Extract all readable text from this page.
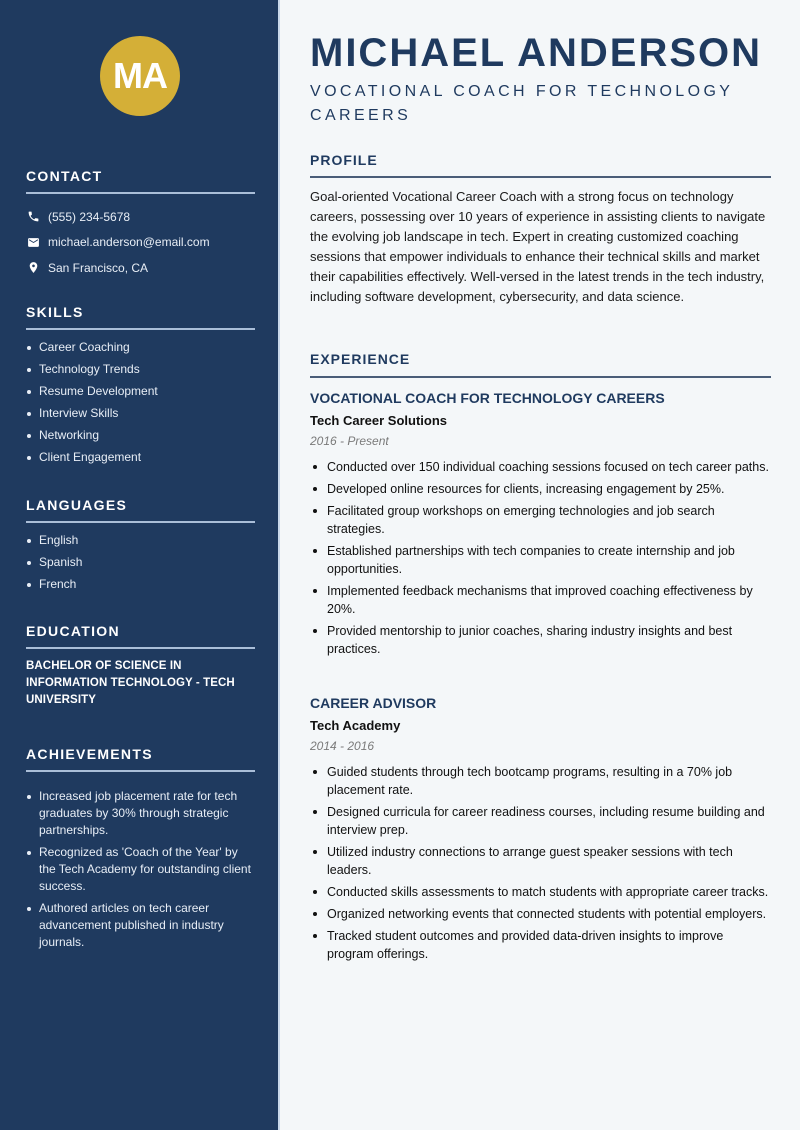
MA
CONTACT
(555) 234-5678
michael.anderson@email.com
San Francisco, CA
SKILLS
Career Coaching
Technology Trends
Resume Development
Interview Skills
Networking
Client Engagement
LANGUAGES
English
Spanish
French
EDUCATION

BACHELOR OF SCIENCE IN INFORMATION TECHNOLOGY - TECH UNIVERSITY

ACHIEVEMENTS
Increased job placement rate for tech graduates by 30% through strategic partnerships.
Recognized as 'Coach of the Year' by the Tech Academy for outstanding client success.
Authored articles on tech career advancement published in industry journals.
MICHAEL ANDERSON
VOCATIONAL COACH FOR TECHNOLOGY CAREERS
PROFILE

Goal-oriented Vocational Career Coach with a strong focus on technology careers, possessing over 10 years of experience in assisting clients to navigate the evolving job landscape in tech. Expert in creating customized coaching sessions that empower individuals to enhance their technical skills and market their capabilities effectively. Well-versed in the latest trends in the tech industry, including software development, cybersecurity, and data science.

EXPERIENCE
VOCATIONAL COACH FOR TECHNOLOGY CAREERS
Tech Career Solutions
2016 - Present
Conducted over 150 individual coaching sessions focused on tech career paths.
Developed online resources for clients, increasing engagement by 25%.
Facilitated group workshops on emerging technologies and job search strategies.
Established partnerships with tech companies to create internship and job opportunities.
Implemented feedback mechanisms that improved coaching effectiveness by 20%.
Provided mentorship to junior coaches, sharing industry insights and best practices.
CAREER ADVISOR
Tech Academy
2014 - 2016
Guided students through tech bootcamp programs, resulting in a 70% job placement rate.
Designed curricula for career readiness courses, including resume building and interview prep.
Utilized industry connections to arrange guest speaker sessions with tech leaders.
Conducted skills assessments to match students with appropriate career tracks.
Organized networking events that connected students with potential employers.
Tracked student outcomes and provided data-driven insights to improve program offerings.
